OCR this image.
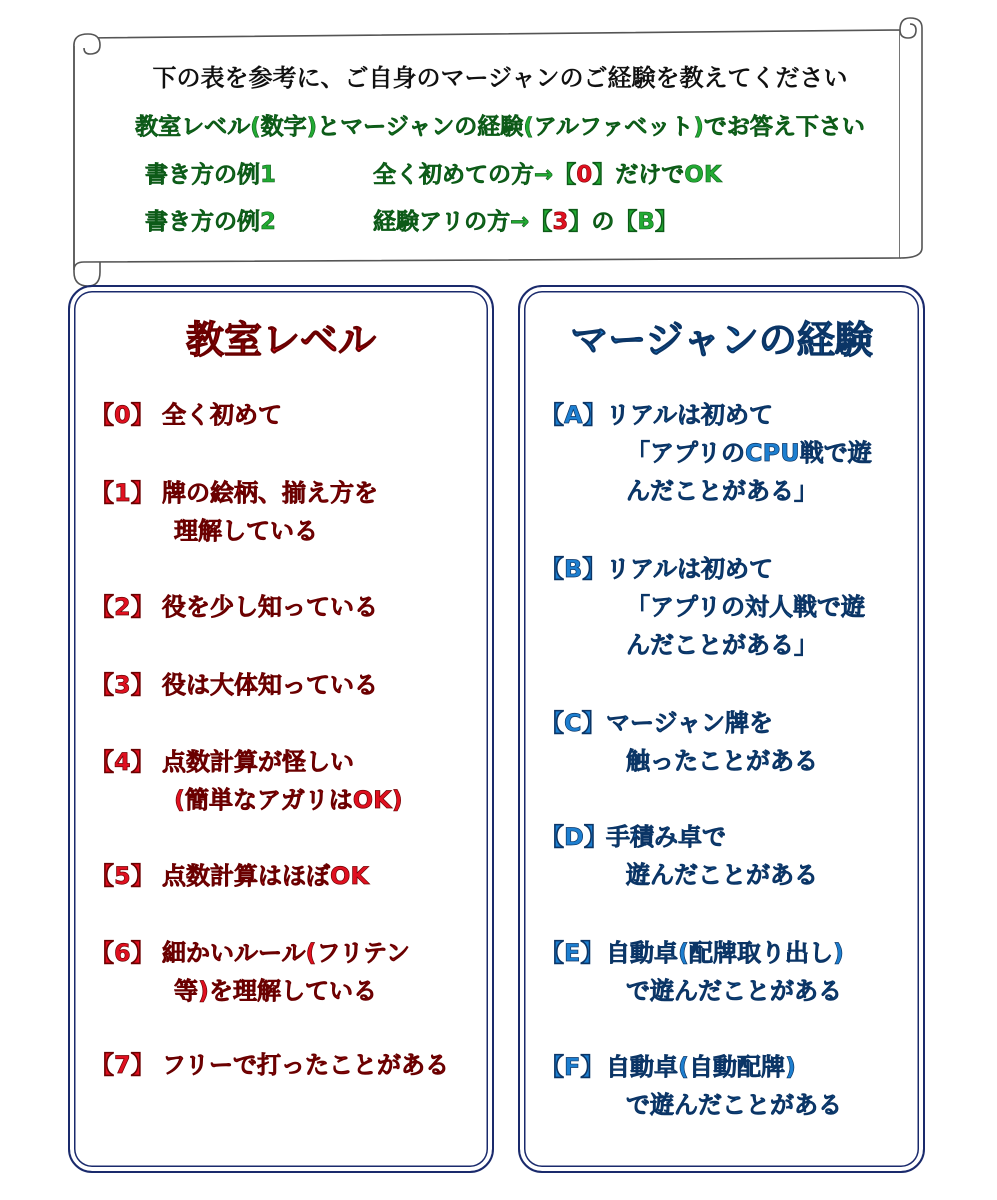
下の表を参考に、ご自身のマージャンのご経験を教えてください
教室レベル(数字)とマージャンの経験(アルファベット)でお答え下さい
書き方の例1	全く初めての方→【0】だけでOK
書き方の例2	経験アリの方→【3】の【B】
教室レベル
【0】 全く初めて
【1】 牌の絵柄、揃え方を
理解している
【2】 役を少し知っている
【3】 役は大体知っている
【4】 点数計算が怪しい
(簡単なアガリはOK)
【5】 点数計算はほぼOK
【6】 細かいルール(フリテン
等)を理解している
【7】 フリーで打ったことがある
マージャンの経験
【A】 リアルは初めて
「アプリのCPU戦で遊
んだことがある」
【B】 リアルは初めて
「アプリの対人戦で遊
んだことがある」
【C】 マージャン牌を
触ったことがある
【D】
手積み卓で
遊んだことがある
【E】 自動卓(配牌取り出し)
で遊んだことがある
【F】 自動卓(自動配牌)
で遊んだことがある
